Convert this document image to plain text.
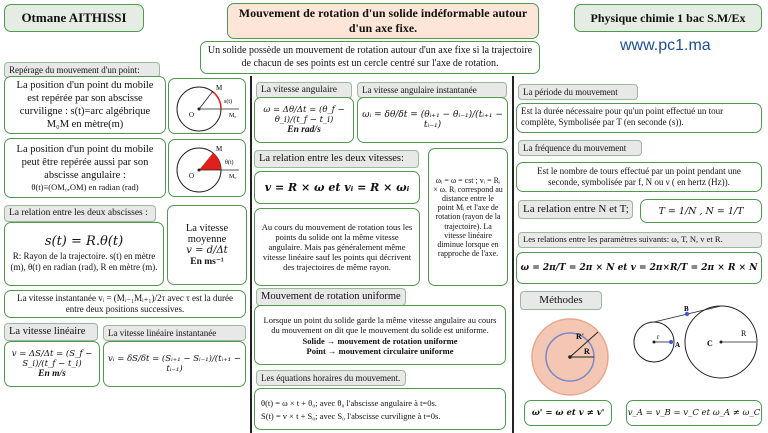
Otmane AITHISSI	Mouvement de rotation d'un solide indéformable autour d'un axe fixe.
Physique chimie 1 bac S.M/Ex
www.pc1.ma
Un solide possède un mouvement de rotation autour d'un axe fixe si la trajectoire de chacun de ses points est un cercle centré sur l'axe de rotation.
Repérage du mouvement d'un point:
La position d'un point du mobile est repérée par son abscisse curviligne : s(t)=arc algébrique M₀M en mètre(m)
M
s(t)
M₀
O
La position d'un point du mobile peut être repérée aussi par son abscisse angulaire :
θ(t)≡(OM₀,OM) en radian (rad)
M
θ(t)
M₀
O
La relation entre les deux abscisses :
s(t) = R.θ(t)
R: Rayon de la trajectoire. s(t) en mètre (m), θ(t) en radian (rad), R en mètre (m).
La vitesse moyenne
v = d/Δt
En ms⁻¹
La vitesse instantanée vᵢ = (Mᵢ₋₁Mᵢ₊₁)/2τ avec τ est la durée entre deux positions successives.
La vitesse linéaire	La vitesse linéaire instantanée
v = ΔS/Δt = (S_f − S_i)/(t_f − t_i)
En m/s
vᵢ = δS/δt = (Sᵢ₊₁ − Sᵢ₋₁)/(tᵢ₊₁ − tᵢ₋₁)
La vitesse angulaire	La vitesse angulaire instantanée
ω = Δθ/Δt = (θ_f − θ_i)/(t_f − t_i)
En rad/s
ωᵢ = δθ/δt = (θᵢ₊₁ − θᵢ₋₁)/(tᵢ₊₁ − tᵢ₋₁)
La relation entre les deux vitesses:
v = R × ω et vᵢ = R × ωᵢ
ωᵢ = ω = cst ; vᵢ = Rᵢ × ω. Rᵢ correspond au distance entre le point Mᵢ et l'axe de rotation (rayon de la trajectoire). La vitesse linéaire diminue lorsque en rapproche de l'axe.
Au cours du mouvement de rotation tous les points du solide ont la même vitesse angulaire. Mais pas généralement même vitesse linéaire sauf les points qui décrivent des trajectoires de même rayon.
Mouvement de rotation uniforme
Lorsque un point du solide garde la même vitesse angulaire au cours du mouvement on dit que le mouvement du solide est uniforme.
Solide → mouvement de rotation uniforme
Point → mouvement circulaire uniforme
Les équations horaires du mouvement.
θ(t) = ω × t + θ₀; avec θ₀ l'abscisse angulaire à t=0s.
S(t) = v × t + S₀; avec S₀ l'abscisse curviligne à t=0s.
La période du mouvement
Est la durée nécessaire pour qu'un point effectué un tour complète, Symbolisée par T (en seconde (s)).
La fréquence du mouvement
Est le nombre de tours effectué par un point pendant une seconde, symbolisée par f, N ou ν ( en hertz (Hz)).
La relation entre N et T;	T = 1/N , N = 1/T
Les relations entre les paramètres suivants: ω, T, N, v et R.
ω = 2π/T = 2π × N et v = 2π×R/T = 2π × R × N
Méthodes
R'
R
B
A	C
r	R
ω' = ω et v ≠ v'	v_A = v_B = v_C et ω_A ≠ ω_C
